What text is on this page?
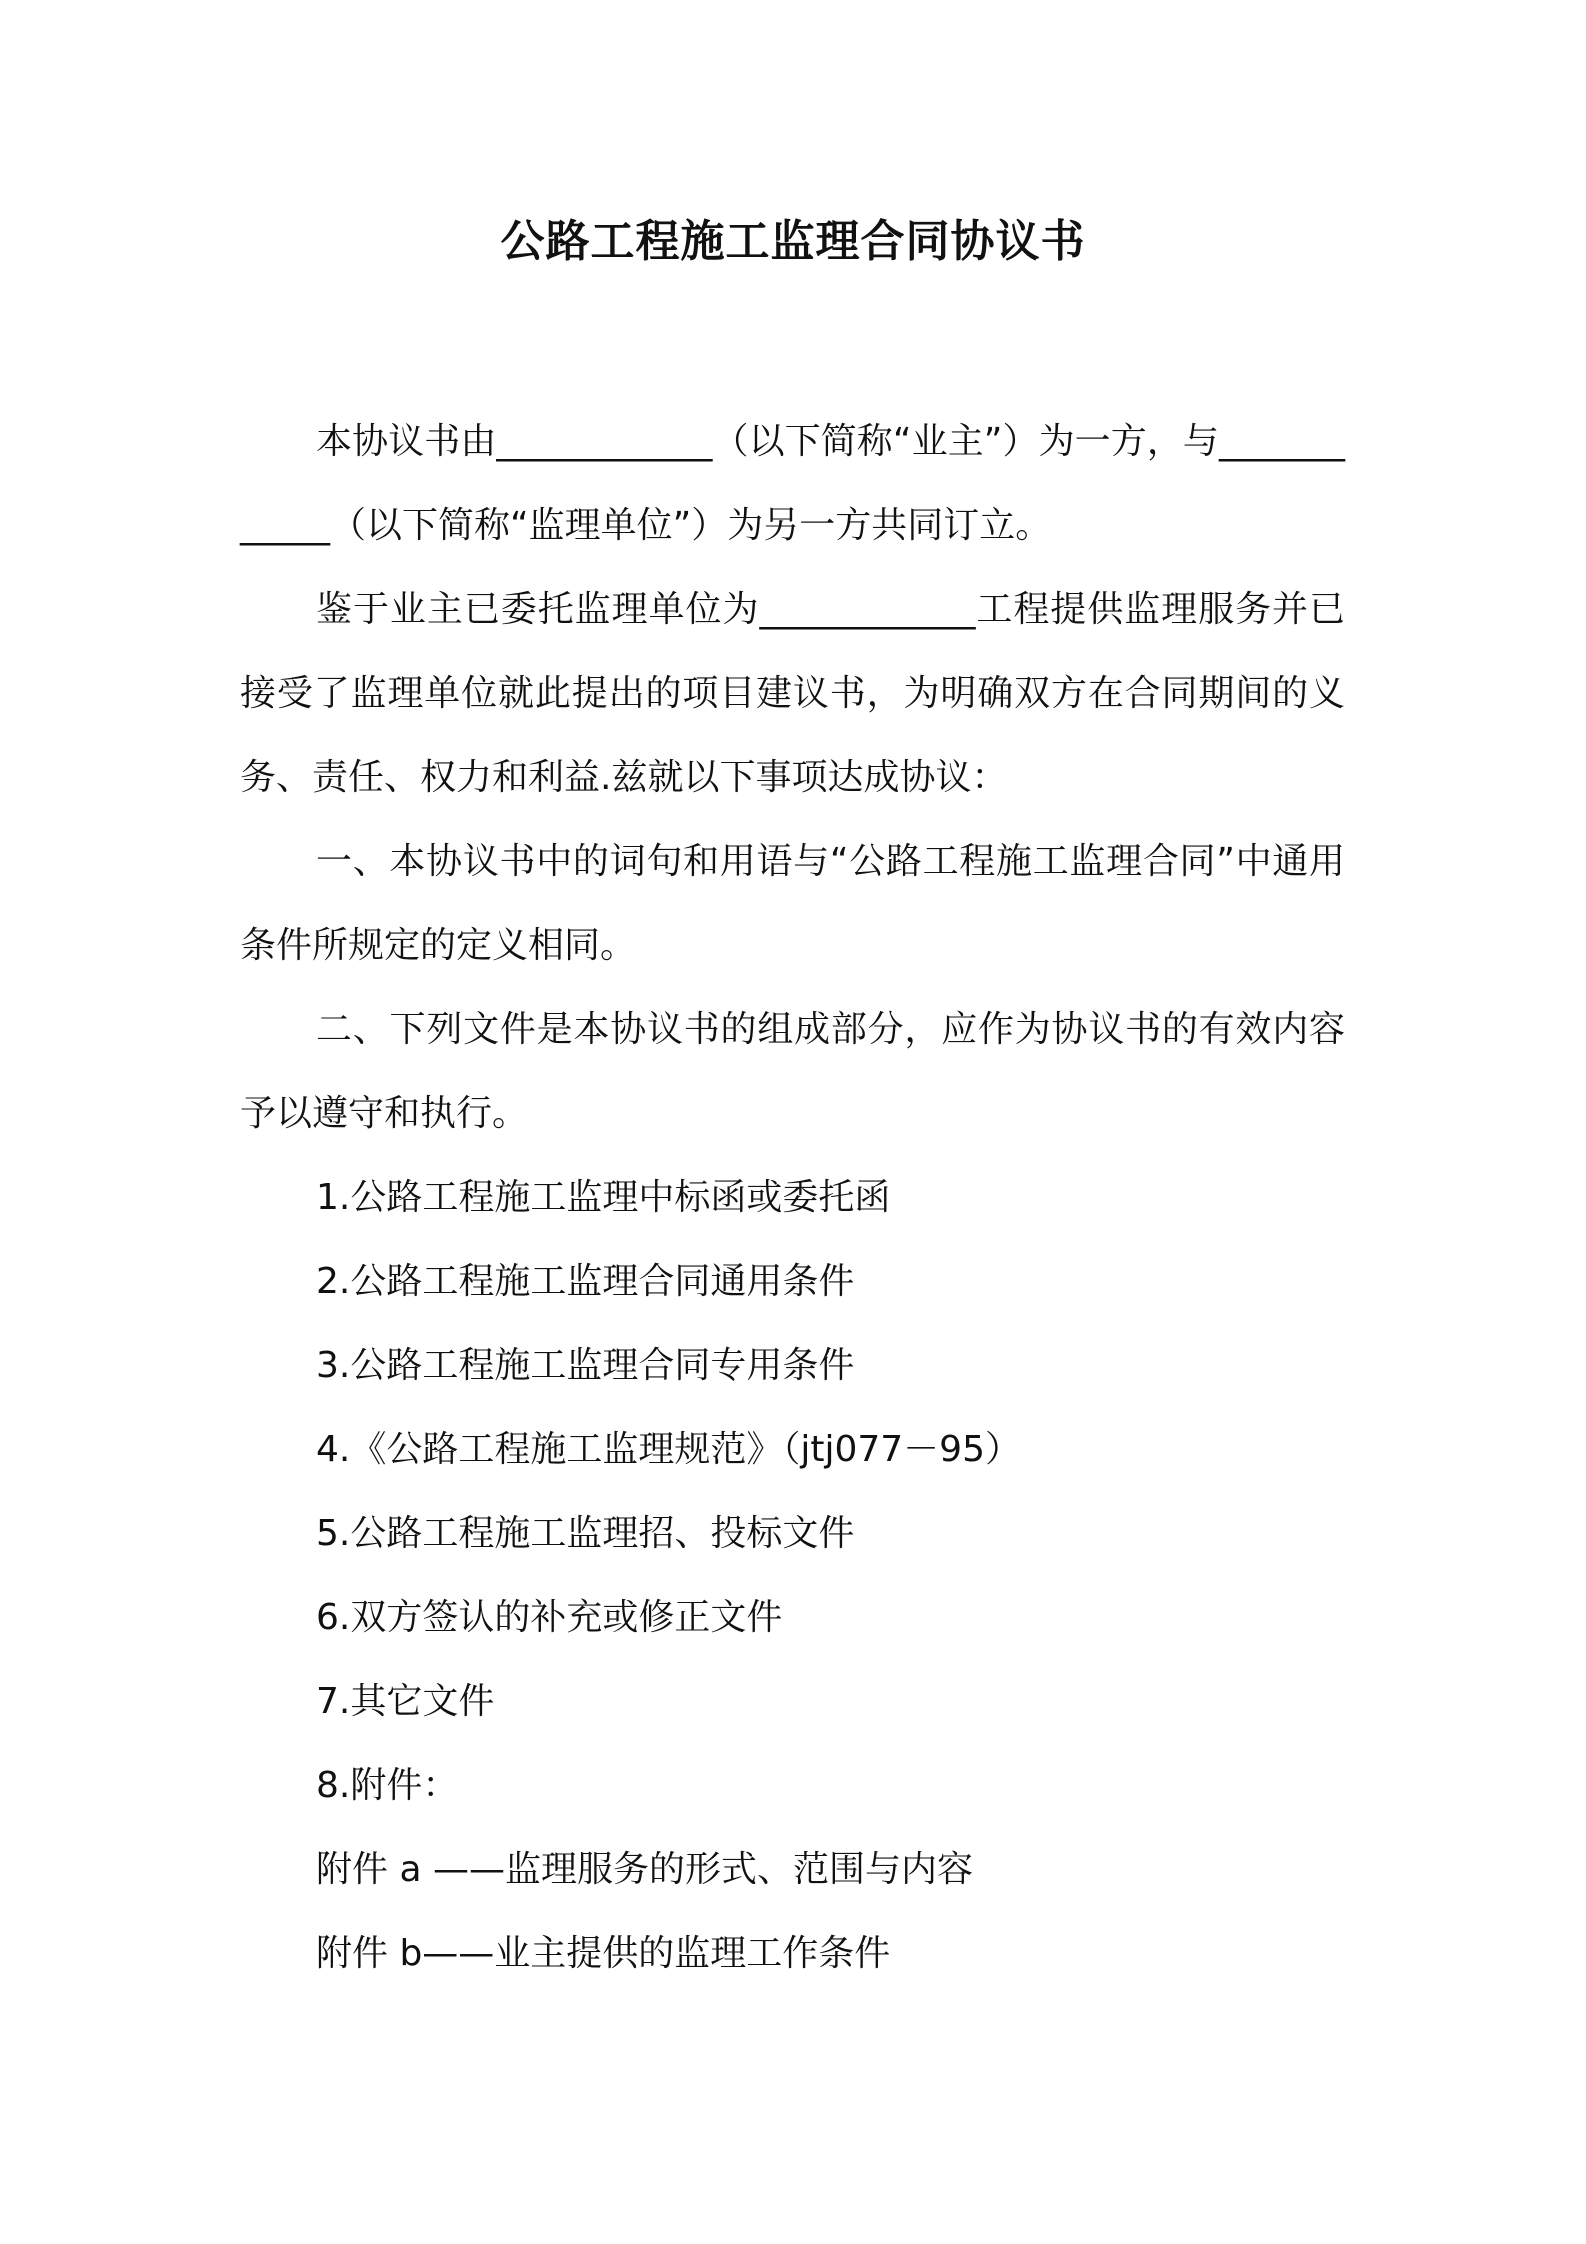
公路工程施工监理合同协议书

本协议书由____________（以下简称“业主”）为一方，与____________（以下简称“监理单位”）为另一方共同订立。

鉴于业主已委托监理单位为____________工程提供监理服务并已接受了监理单位就此提出的项目建议书，为明确双方在合同期间的义务、责任、权力和利益.兹就以下事项达成协议：

一、本协议书中的词句和用语与“公路工程施工监理合同”中通用条件所规定的定义相同。

二、下列文件是本协议书的组成部分，应作为协议书的有效内容予以遵守和执行。

1.公路工程施工监理中标函或委托函

2.公路工程施工监理合同通用条件

3.公路工程施工监理合同专用条件

4.《公路工程施工监理规范》（jtj077－95）

5.公路工程施工监理招、投标文件

6.双方签认的补充或修正文件

7.其它文件

8.附件：

附件 a ——监理服务的形式、范围与内容

附件 b——业主提供的监理工作条件
